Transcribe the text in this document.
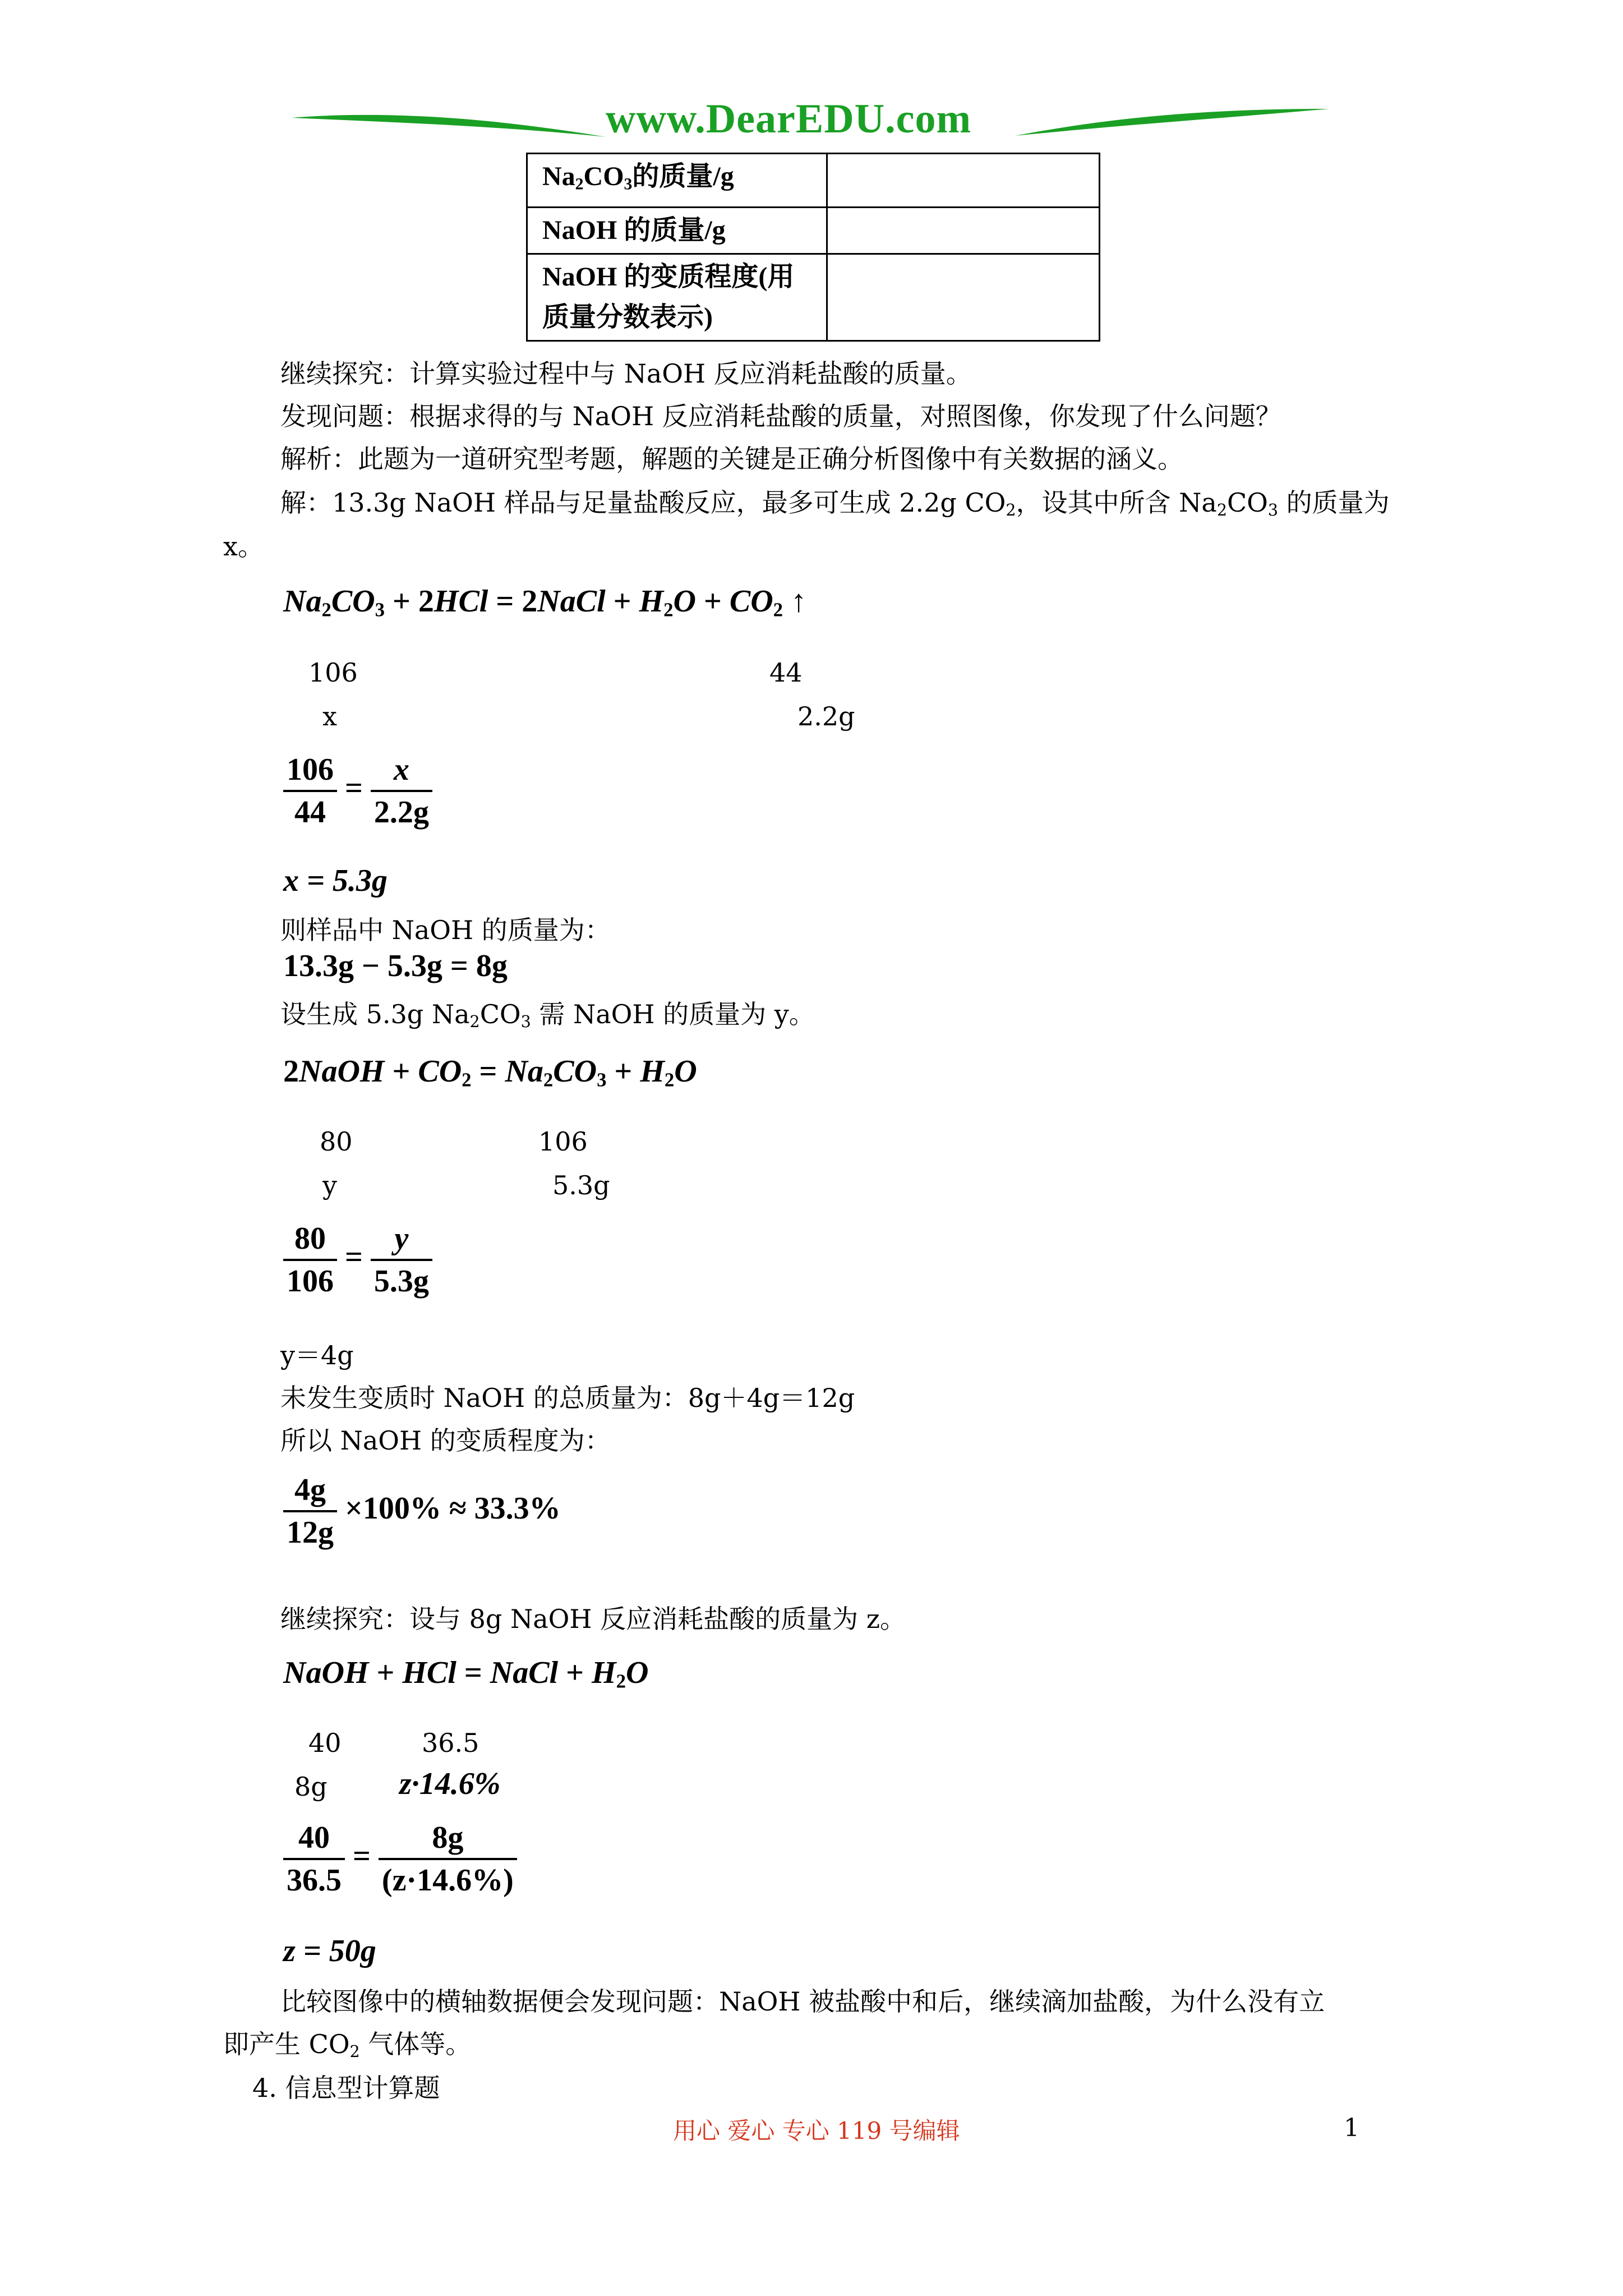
www.DearEDU.com
$Na_2CO_3$的质量/g	
NaOH 的质量/g	
NaOH 的变质程度(用
质量分数表示)	
继续探究：计算实验过程中与 NaOH 反应消耗盐酸的质量。
发现问题：根据求得的与 NaOH 反应消耗盐酸的质量，对照图像，你发现了什么问题？
解析：此题为一道研究型考题，解题的关键是正确分析图像中有关数据的涵义。
解：13.3g NaOH 样品与足量盐酸反应，最多可生成 2.2g $CO_2$，设其中所含 $Na_2CO_3$ 的质量为
x。
$Na_2CO_3 + 2HCl$ = 2NaCl + $H_2O + CO_2$ ↑
106	44
x	2.2g
$\frac{106}{44} = \frac{x}{2.2g}$
x = 5.3g
则样品中 NaOH 的质量为：
13.3g − 5.3g = 8g
设生成 5.3g $Na_2CO_3$ 需 NaOH 的质量为 y。
2NaOH + $CO_2 = Na_2CO_3 + H_2O$
80	106
y	5.3g
$\frac{80}{106} = \frac{y}{5.3g}$
y＝4g
未发生变质时 NaOH 的总质量为：8g＋4g＝12g
所以 NaOH 的变质程度为：
$\frac{4g}{12g} \times 100\% \approx 33.3\%$
继续探究：设与 8g NaOH 反应消耗盐酸的质量为 z。
NaOH + HCl = NaCl + $H_2O$
40	36.5
8g z·14.6%
$\frac{40}{36.5} = \frac{8g}{(z\cdot 14.6\%)}$
z = 50g
比较图像中的横轴数据便会发现问题：NaOH 被盐酸中和后，继续滴加盐酸，为什么没有立
即产生 $CO_2$ 气体等。
4. 信息型计算题
用心 爱心 专心 119 号编辑	1
